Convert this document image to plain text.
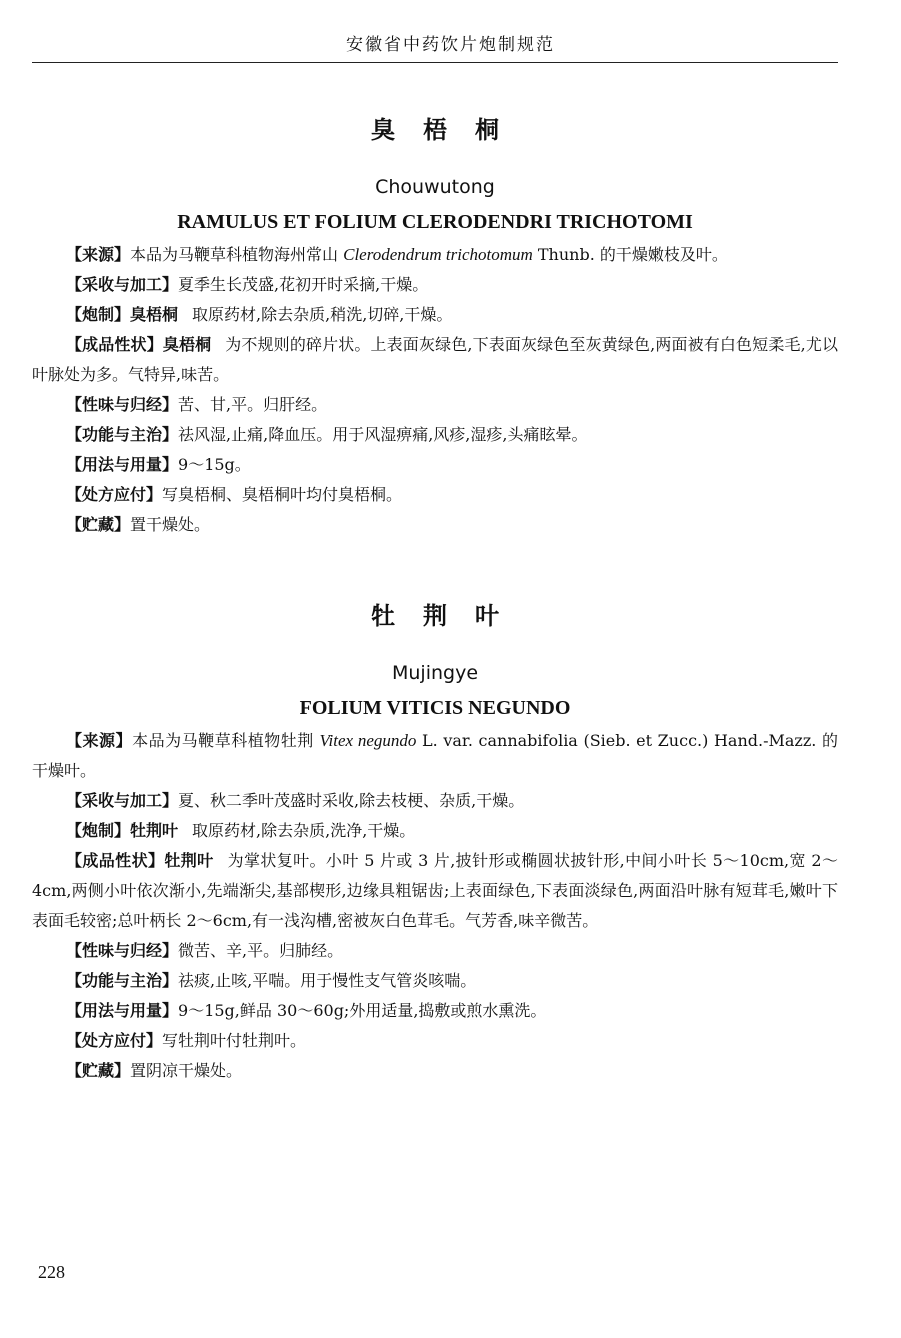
安徽省中药饮片炮制规范
臭梧桐
Chouwutong
RAMULUS ET FOLIUM CLERODENDRI TRICHOTOMI

【来源】本品为马鞭草科植物海州常山 Clerodendrum trichotomum Thunb. 的干燥嫩枝及叶。

【采收与加工】夏季生长茂盛,花初开时采摘,干燥。

【炮制】臭梧桐 取原药材,除去杂质,稍洗,切碎,干燥。

【成品性状】臭梧桐 为不规则的碎片状。上表面灰绿色,下表面灰绿色至灰黄绿色,两面被有白色短柔毛,尤以叶脉处为多。气特异,味苦。

【性味与归经】苦、甘,平。归肝经。

【功能与主治】祛风湿,止痛,降血压。用于风湿痹痛,风疹,湿疹,头痛眩晕。

【用法与用量】9～15g。

【处方应付】写臭梧桐、臭梧桐叶均付臭梧桐。

【贮藏】置干燥处。

牡荆叶
Mujingye
FOLIUM VITICIS NEGUNDO

【来源】本品为马鞭草科植物牡荆 Vitex negundo L. var. cannabifolia (Sieb. et Zucc.) Hand.-Mazz. 的干燥叶。

【采收与加工】夏、秋二季叶茂盛时采收,除去枝梗、杂质,干燥。

【炮制】牡荆叶 取原药材,除去杂质,洗净,干燥。

【成品性状】牡荆叶 为掌状复叶。小叶 5 片或 3 片,披针形或椭圆状披针形,中间小叶长 5～10cm,宽 2～4cm,两侧小叶依次渐小,先端渐尖,基部楔形,边缘具粗锯齿;上表面绿色,下表面淡绿色,两面沿叶脉有短茸毛,嫩叶下表面毛较密;总叶柄长 2～6cm,有一浅沟槽,密被灰白色茸毛。气芳香,味辛微苦。

【性味与归经】微苦、辛,平。归肺经。

【功能与主治】祛痰,止咳,平喘。用于慢性支气管炎咳喘。

【用法与用量】9～15g,鲜品 30～60g;外用适量,捣敷或煎水熏洗。

【处方应付】写牡荆叶付牡荆叶。

【贮藏】置阴凉干燥处。

228
